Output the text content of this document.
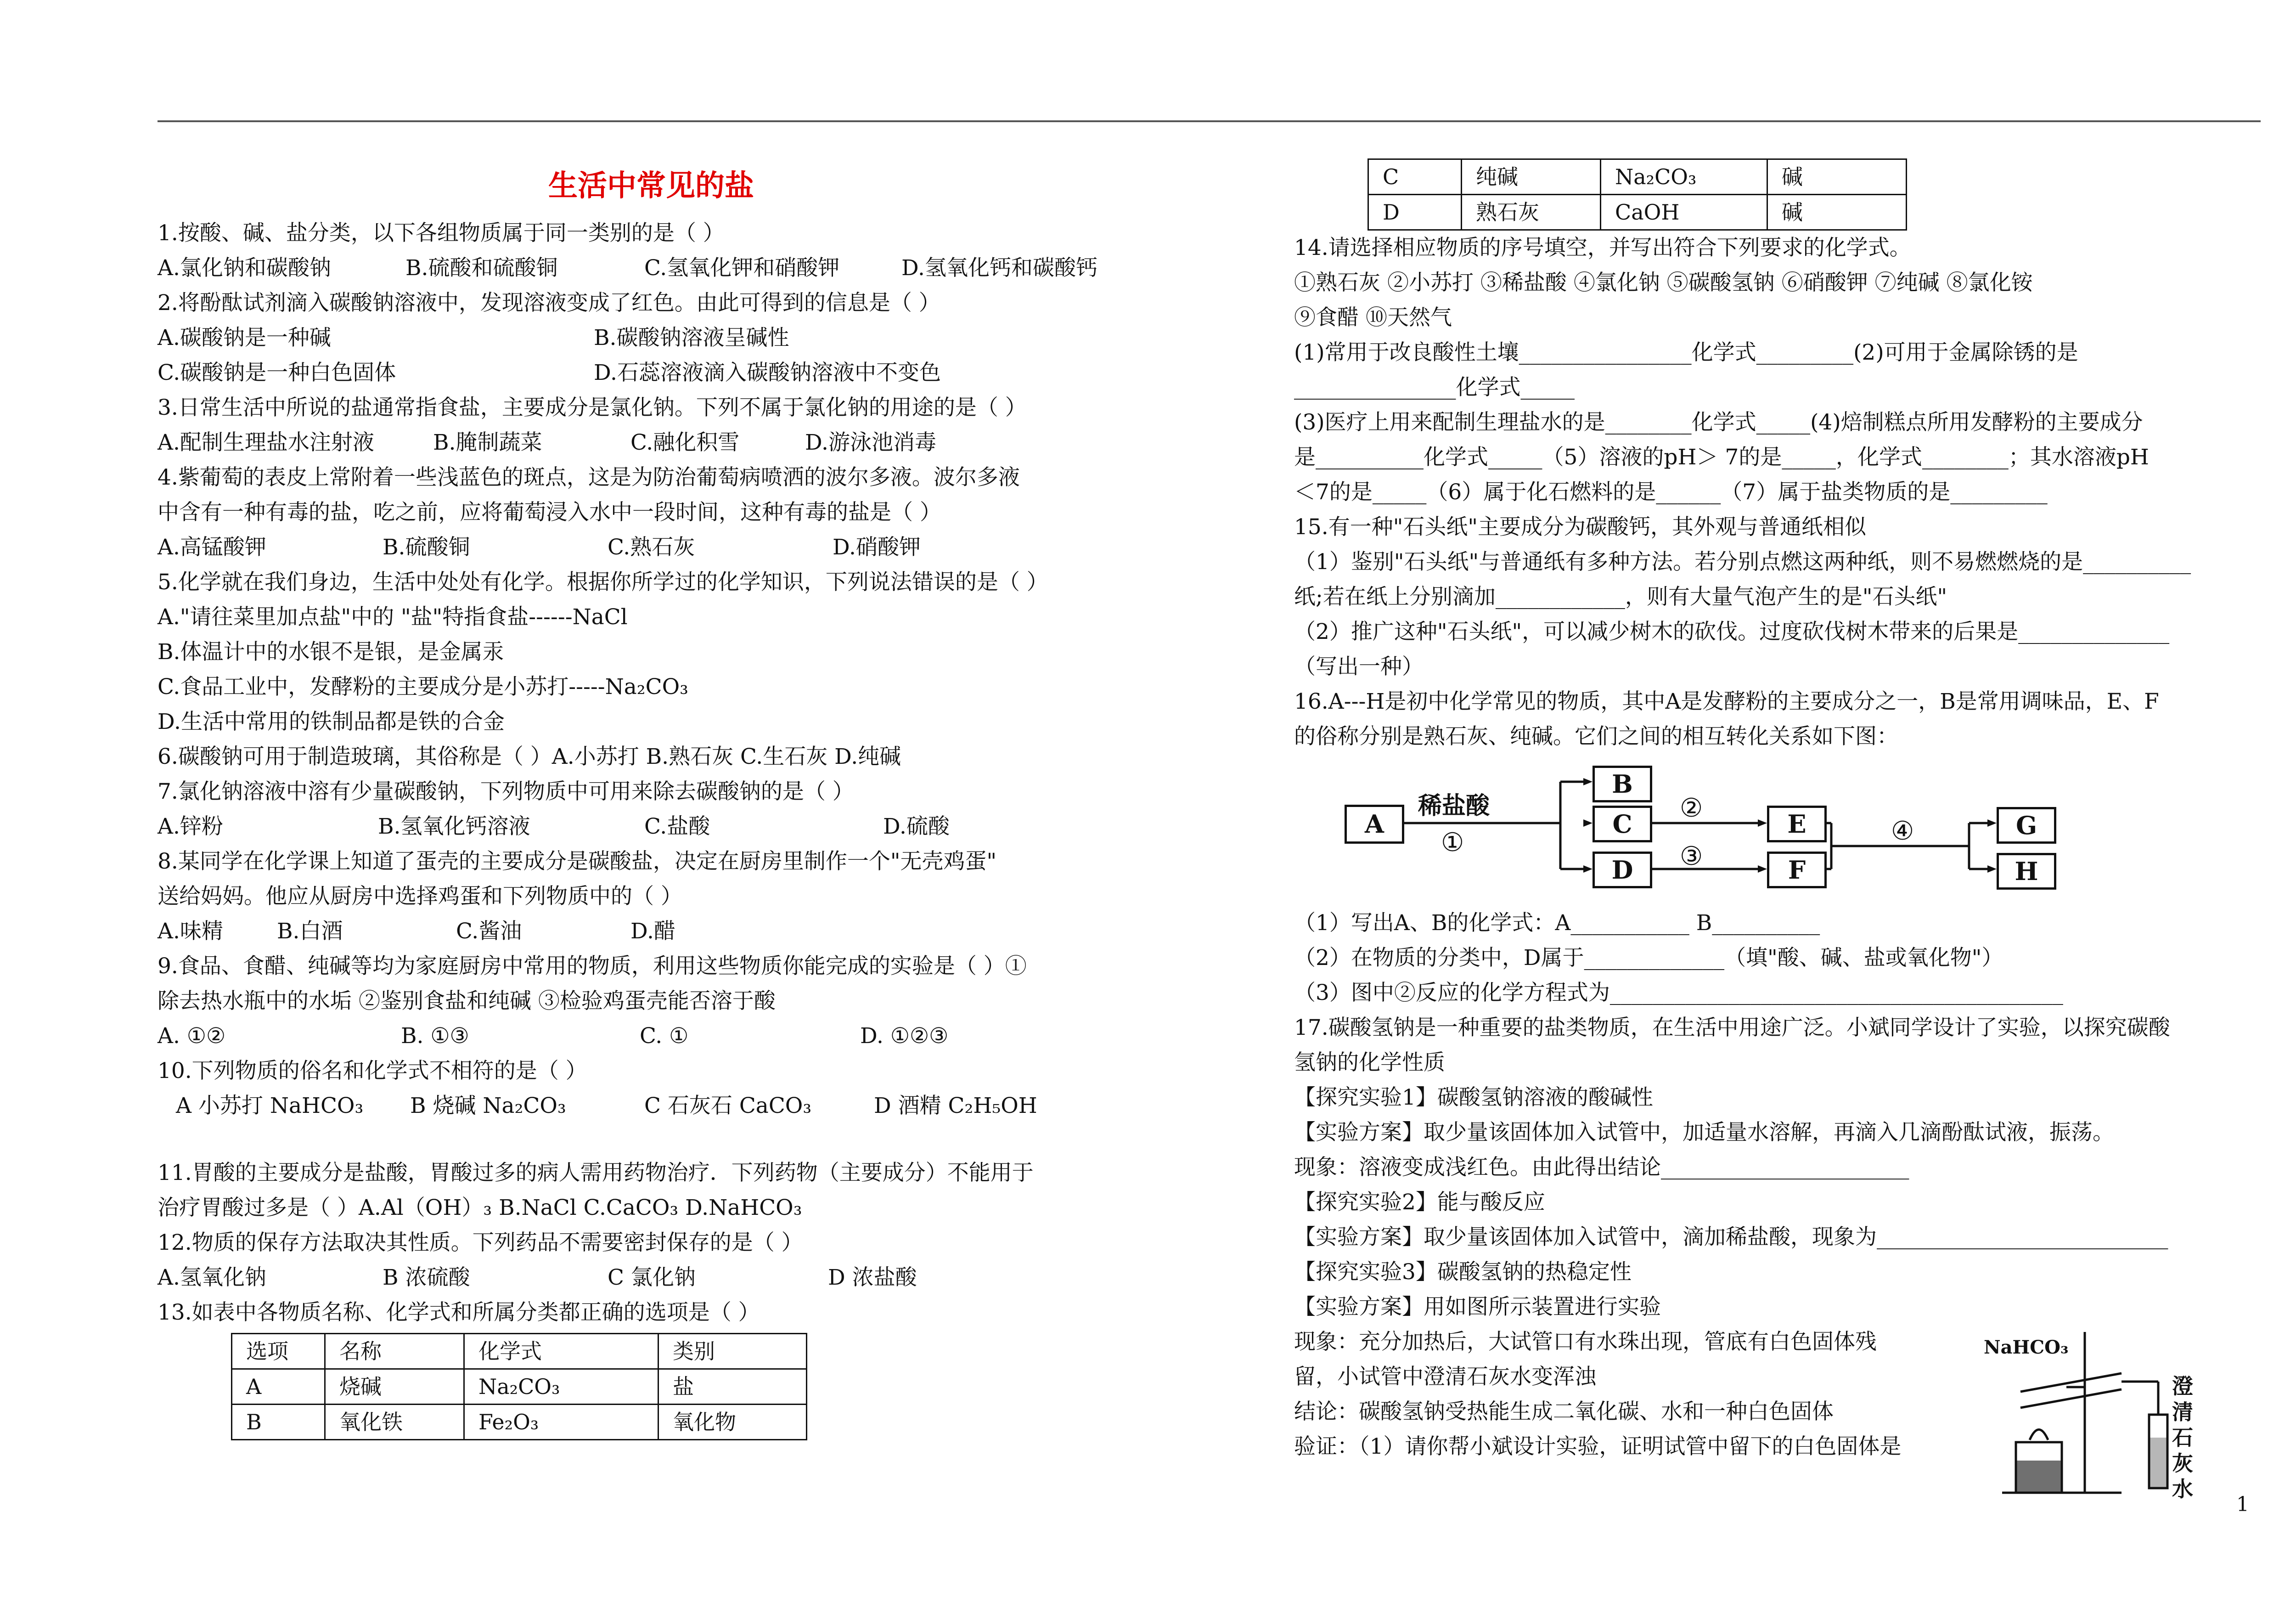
生活中常见的盐
1.按酸、碱、盐分类，以下各组物质属于同一类别的是（ ）
A.氯化钠和碳酸钠	B.硫酸和硫酸铜	C.氢氧化钾和硝酸钾	D.氢氧化钙和碳酸钙
2.将酚酞试剂滴入碳酸钠溶液中，发现溶液变成了红色。由此可得到的信息是（ ）
A.碳酸钠是一种碱	B.碳酸钠溶液呈碱性
C.碳酸钠是一种白色固体	D.石蕊溶液滴入碳酸钠溶液中不变色
3.日常生活中所说的盐通常指食盐，主要成分是氯化钠。下列不属于氯化钠的用途的是（ ）
A.配制生理盐水注射液	B.腌制蔬菜	C.融化积雪	D.游泳池消毒
4.紫葡萄的表皮上常附着一些浅蓝色的斑点，这是为防治葡萄病喷洒的波尔多液。波尔多液
中含有一种有毒的盐，吃之前，应将葡萄浸入水中一段时间，这种有毒的盐是（ ）
A.高锰酸钾	B.硫酸铜	C.熟石灰	D.硝酸钾
5.化学就在我们身边，生活中处处有化学。根据你所学过的化学知识，下列说法错误的是（ ）
A."请往菜里加点盐"中的 "盐"特指食盐------NaCl
B.体温计中的水银不是银，是金属汞
C.食品工业中，发酵粉的主要成分是小苏打-----Na₂CO₃
D.生活中常用的铁制品都是铁的合金
6.碳酸钠可用于制造玻璃，其俗称是（ ）A.小苏打 B.熟石灰 C.生石灰 D.纯碱
7.氯化钠溶液中溶有少量碳酸钠，下列物质中可用来除去碳酸钠的是（ ）
A.锌粉	B.氢氧化钙溶液	C.盐酸	D.硫酸
8.某同学在化学课上知道了蛋壳的主要成分是碳酸盐，决定在厨房里制作一个"无壳鸡蛋"
送给妈妈。他应从厨房中选择鸡蛋和下列物质中的（ ）
A.味精	B.白酒	C.酱油	D.醋
9.食品、食醋、纯碱等均为家庭厨房中常用的物质，利用这些物质你能完成的实验是（ ）①
除去热水瓶中的水垢 ②鉴别食盐和纯碱 ③检验鸡蛋壳能否溶于酸
A. ①②	B. ①③	C. ①	D. ①②③
10.下列物质的俗名和化学式不相符的是（ ）
A 小苏打 NaHCO₃	B 烧碱 Na₂CO₃	C 石灰石 CaCO₃	D 酒精 C₂H₅OH
11.胃酸的主要成分是盐酸，胃酸过多的病人需用药物治疗．下列药物（主要成分）不能用于
治疗胃酸过多是（ ）A.Al（OH）₃ B.NaCl C.CaCO₃ D.NaHCO₃
12.物质的保存方法取决其性质。下列药品不需要密封保存的是（ ）
A.氢氧化钠	B 浓硫酸	C 氯化钠	D 浓盐酸
13.如表中各物质名称、化学式和所属分类都正确的选项是（ ）
选项	名称	化学式	类别
A	烧碱	Na₂CO₃	盐
B	氧化铁	Fe₂O₃	氧化物
C	纯碱	Na₂CO₃	碱
D	熟石灰	CaOH	碱
14.请选择相应物质的序号填空，并写出符合下列要求的化学式。
①熟石灰 ②小苏打 ③稀盐酸 ④氯化钠 ⑤碳酸氢钠 ⑥硝酸钾 ⑦纯碱 ⑧氯化铵
⑨食醋 ⑩天然气
(1)常用于改良酸性土壤________________化学式_________(2)可用于金属除锈的是
_______________化学式_____
(3)医疗上用来配制生理盐水的是________化学式_____(4)焙制糕点所用发酵粉的主要成分
是__________化学式_____（5）溶液的pH＞ 7的是_____，化学式________；其水溶液pH
＜7的是_____（6）属于化石燃料的是______（7）属于盐类物质的是_________
15.有一种"石头纸"主要成分为碳酸钙，其外观与普通纸相似
（1）鉴别"石头纸"与普通纸有多种方法。若分别点燃这两种纸，则不易燃燃烧的是__________
纸;若在纸上分别滴加____________，则有大量气泡产生的是"石头纸"
（2）推广这种"石头纸"，可以减少树木的砍伐。过度砍伐树木带来的后果是______________
（写出一种）
16.A---H是初中化学常见的物质，其中A是发酵粉的主要成分之一，B是常用调味品，E、F
的俗称分别是熟石灰、纯碱。它们之间的相互转化关系如下图：
A
B
C
D
E
F
G
H
稀盐酸
①
②
③
④
（1）写出A、B的化学式：A___________ B__________
（2）在物质的分类中，D属于_____________（填"酸、碱、盐或氧化物"）
（3）图中②反应的化学方程式为__________________________________________
17.碳酸氢钠是一种重要的盐类物质，在生活中用途广泛。小斌同学设计了实验，以探究碳酸
氢钠的化学性质
【探究实验1】碳酸氢钠溶液的酸碱性
【实验方案】取少量该固体加入试管中，加适量水溶解，再滴入几滴酚酞试液，振荡。
现象：溶液变成浅红色。由此得出结论_______________________
【探究实验2】能与酸反应
【实验方案】取少量该固体加入试管中，滴加稀盐酸，现象为___________________________
【探究实验3】碳酸氢钠的热稳定性
【实验方案】用如图所示装置进行实验
现象：充分加热后，大试管口有水珠出现，管底有白色固体残
留，小试管中澄清石灰水变浑浊
结论：碳酸氢钠受热能生成二氧化碳、水和一种白色固体
验证：（1）请你帮小斌设计实验，证明试管中留下的白色固体是
NaHCO₃
澄清石灰水
1
